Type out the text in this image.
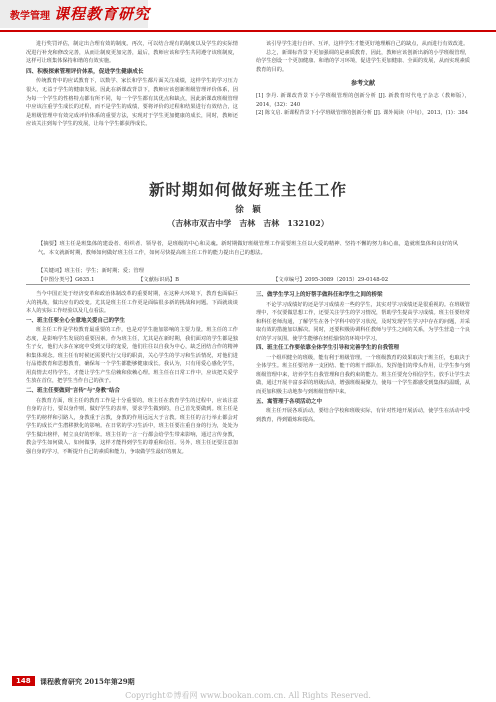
教学管理 课程教育研究

进行奖罚评估，制定出合理有效的制度。再次，可以结合现有的制度以及学生的实际情况进行补充和修改完善，从而让制度更加完善，最后，教师应该和学生共同遵守该班制度，这样可让班集体保持和谐的有效实施。

四、积极探索管理评价体系，促进学生健康成长

传统教育中的应试教育下，以数学、家长和学生都片面关注成绩，这样学生的学习压力很大，无益于学生的健康发展。因此在新课改背景下，教师应该创新班级管理评价体系，因为每一个学生的性格特点都有所不同，每一个学生都有其优点和缺点，因此新课改班级管理中应该注重学生成长的过程，而不是学生的成绩，要将评价的过程和结果进行有效结合，这是班级管理中有效完成评价体系的重要方法，实现对于学生更加健康的成长，同时，教师还应该关注到每个学生的发展，让每个学生都获得成长。

该引导学生进行自评、互评，这样学生才能更好地理解自己的缺点，从而进行有效改进。

总之，新课标背景下更加强调的是素质教育，因此，教师应该创新出新的小学班级管理，给学生创设一个更加健康、和谐的学习环境，促进学生更加健康、全面的发展，从而实现素质教育的目的。

参考文献
[1] 李丹. 新课改背景下小学班级管理的创新分析 [J]. 新教育时代电子杂志（教师版），2014，(32)：240
[2] 陈文启. 新课程背景下小学班级管理的创新分析 [J]. 课外阅读（中旬），2013，(1)：384
新时期如何做好班主任工作
徐　颖
（吉林市双吉中学　吉林　吉林　132102）
【摘要】班主任是班集体的建设者、组织者、领导者，是班级的中心和灵魂。新时期做好班级管理工作需要班主任以大爱的精神、坚持不懈的努力和心血，造就班集体和良好的风气。本文就新时期，教师如何做好班主任工作，如何尽快提高班主任工作的能力提出自己的想法。
【关键词】班主任；学生；新时期；爱；管理
【中图分类号】G635.1	【文献标识码】B	【文章编号】2095-3089（2015）29-0148-02

当今中国正处于经济变革和政治体制改革的重要时期，在这种大环境下，教育也面临巨大的挑战，做出应有的改变。尤其是班主任工作更是面临很多新的挑战和问题。下面就谈谈本人的实际工作经验以及几点看法。

一、班主任要全心全意地关爱自己的学生

班主任工作是学校教育最重要的工作，也是对学生施加影响的主要力量。班主任的工作态度，是影响学生发展的重要因素。作为班主任，尤其是在新时期，我们面对的学生都是独生子女，他们大多在家庭中受到父母的宠爱，他们往往以自我为中心，缺乏团结合作的精神和集体观念。班主任有时候还需要代行父母的职责，关心学生的学习和生活情况，对他们进行品德教育和思想教育，确保每一个学生都能够健康成长。我认为，只有用爱心感化学生，用真情去对待学生，才能让学生产生信赖和依赖心理。班主任在日常工作中，应该把关爱学生放在首位，把学生当作自己的孩子。

二、班主任要做到"言传"与"身教"结合

在教育方面，班主任的教育工作是十分重要的。班主任在教育学生的过程中，应该注意自身的言行，要以身作则，做好学生的表率，要求学生做到的，自己首先要做到。班主任是学生的榜样和引路人，身教重于言教，身教的作用远远大于言教。班主任的言行举止都会对学生的成长产生潜移默化的影响。在日常的学习生活中，班主任要注重自身的行为，处处为学生做出榜样，树立良好的形象。班主任的一言一行都会给学生带来影响，通过言传身教，教会学生如何做人、如何做事，这样才能得到学生的尊重和信任。另外，班主任还要注意加强自身的学习，不断提升自己的素质和能力，争取做学生最好的朋友。

三、做学生学习上的好帮手做科任和学生之间的桥梁

不论学习成绩好的还是学习成绩差一些的学生，其实对学习成绩还是很重视的。在班级管理中，不仅要做思想工作，还要关注学生的学习情况，帮助学生提高学习成绩。班主任要经常和科任老师沟通，了解学生在各个学科中的学习状况，及时发现学生学习中存在的问题，并采取有效的措施加以解决。同时，还要积极协调科任教师与学生之间的关系，为学生营造一个良好的学习氛围，使学生能够在轻松愉快的环境中学习。

四、班主任工作要依靠全体学生引导和完善学生的自我管理

一个组织健全的班级，能有利于班级管理。一个班级教育的效果取决于班主任，也取决于全体学生。班主任要培养一支团结、能干的班干部队伍，发挥他们的带头作用，让学生参与到班级管理中来，培养学生自我管理和自我约束的能力。班主任要充分相信学生，放手让学生去做，通过开展丰富多彩的班级活动，增强班级凝聚力，使每一个学生都感受到集体的温暖，从而更加积极主动地参与到班级管理中来。

五、寓管理于各项活动之中

班主任开展各项活动，要结合学校和班级实际，有针对性地开展活动，使学生在活动中受到教育，得到锻炼和提高。

148	课程教育研究 2015年第29期
Copyright©博看网 www.bookan.com.cn. All Rights Reserved.
